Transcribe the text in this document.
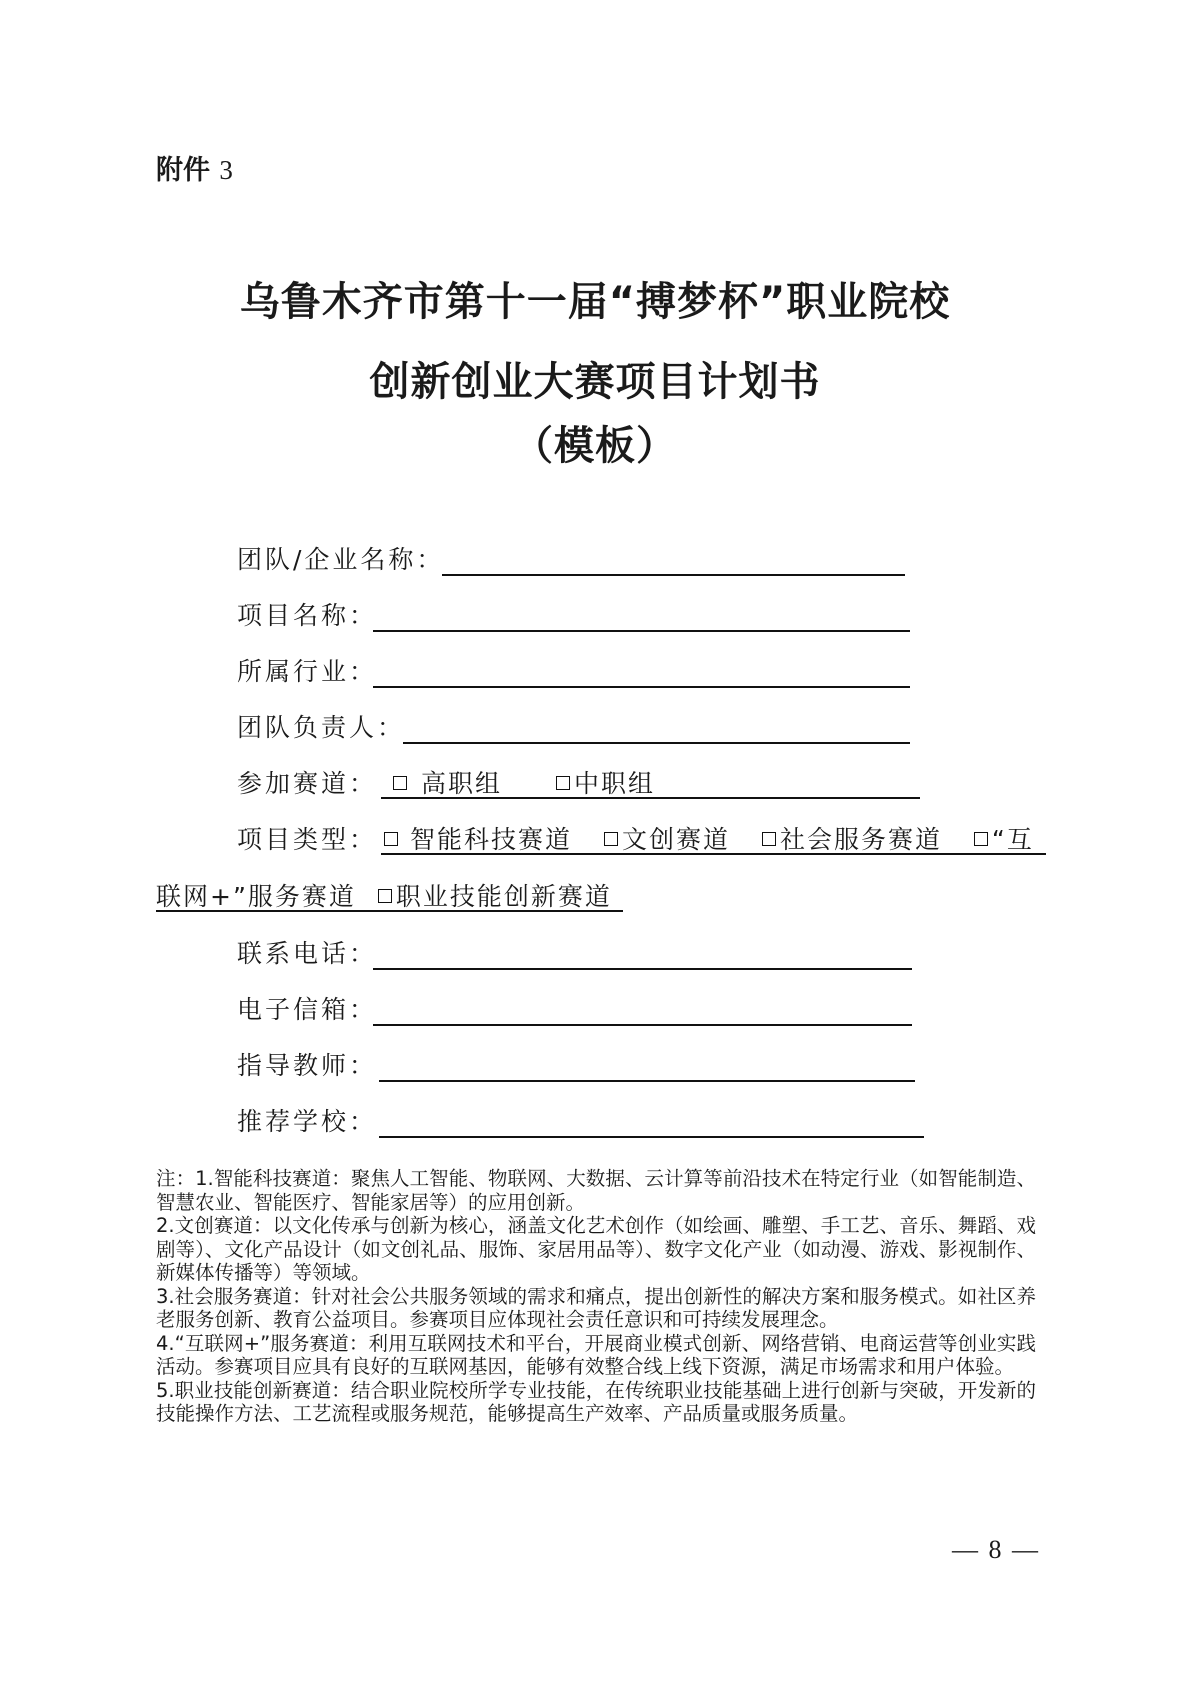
附件 3
乌鲁木齐市第十一届“搏梦杯”职业院校
创新创业大赛项目计划书
（模板）
团队/企业名称：
项目名称：
所属行业：
团队负责人：
参加赛道：	高职组	中职组
项目类型：	智能科技赛道 文创赛道 社会服务赛道 “互
联网+”服务赛道 职业技能创新赛道
联系电话：
电子信箱：
指导教师：
推荐学校：

注：1.智能科技赛道：聚焦人工智能、物联网、大数据、云计算等前沿技术在特定行业（如智能制造、智慧农业、智能医疗、智能家居等）的应用创新。

2.文创赛道：以文化传承与创新为核心，涵盖文化艺术创作（如绘画、雕塑、手工艺、音乐、舞蹈、戏剧等）、文化产品设计（如文创礼品、服饰、家居用品等）、数字文化产业（如动漫、游戏、影视制作、新媒体传播等）等领域。

3.社会服务赛道：针对社会公共服务领域的需求和痛点，提出创新性的解决方案和服务模式。如社区养老服务创新、教育公益项目。参赛项目应体现社会责任意识和可持续发展理念。

4.“互联网+”服务赛道：利用互联网技术和平台，开展商业模式创新、网络营销、电商运营等创业实践活动。参赛项目应具有良好的互联网基因，能够有效整合线上线下资源，满足市场需求和用户体验。

5.职业技能创新赛道：结合职业院校所学专业技能，在传统职业技能基础上进行创新与突破，开发新的技能操作方法、工艺流程或服务规范，能够提高生产效率、产品质量或服务质量。

— 8 —
